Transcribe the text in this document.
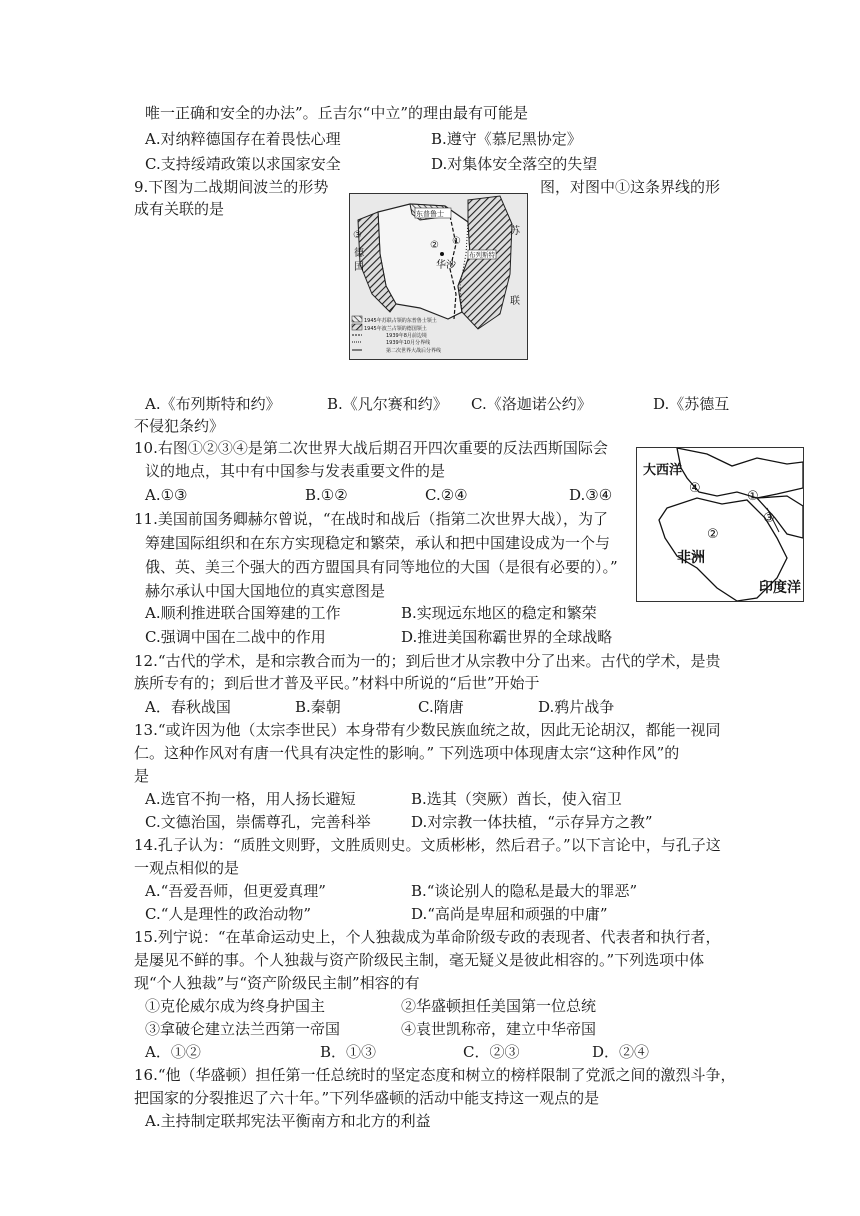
唯一正确和安全的办法”。丘吉尔“中立”的理由最有可能是
A.对纳粹德国存在着畏怯心理	B.遵守《慕尼黑协定》
C.支持绥靖政策以求国家安全	D.对集体安全落空的失望
9.下图为二战期间波兰的形势	图，对图中①这条界线的形
成有关联的是	东普鲁士
③
德
国
苏
联
② ①
华沙
布列斯特
1945年苏联占领的东普鲁士领土
1945年波兰占领的德国领土
1939年8月前边境
1939年10月分界线
第二次世界大战后分界线
A.《布列斯特和约》	B.《凡尔赛和约》 C.《洛迦诺公约》	D.《苏德互
不侵犯条约》
10.右图①②③④是第二次世界大战后期召开四次重要的反法西斯国际会
议的地点，其中有中国参与发表重要文件的是
A.①③	B.①②	C.②④	D.③④
大西洋
①
②
③
④
非洲
印度洋
11.美国前国务卿赫尔曾说，“在战时和战后（指第二次世界大战），为了
筹建国际组织和在东方实现稳定和繁荣，承认和把中国建设成为一个与
俄、英、美三个强大的西方盟国具有同等地位的大国（是很有必要的）。”
赫尔承认中国大国地位的真实意图是
A.顺利推进联合国筹建的工作	B.实现远东地区的稳定和繁荣
C.强调中国在二战中的作用	D.推进美国称霸世界的全球战略
12.“古代的学术，是和宗教合而为一的；到后世才从宗教中分了出来。古代的学术，是贵
族所专有的；到后世才普及平民。”材料中所说的“后世”开始于
A．春秋战国	B.秦朝	C.隋唐	D.鸦片战争
13.“或许因为他（太宗李世民）本身带有少数民族血统之故，因此无论胡汉，都能一视同
仁。这种作风对有唐一代具有决定性的影响。” 下列选项中体现唐太宗“这种作风”的
是
A.选官不拘一格，用人扬长避短	B.选其（突厥）酋长，使入宿卫
C.文德治国，崇儒尊孔，完善科举	D.对宗教一体扶植，“示存异方之教”
14.孔子认为：“质胜文则野，文胜质则史。文质彬彬，然后君子。”以下言论中，与孔子这
一观点相似的是
A.“吾爱吾师，但更爱真理”	B.“谈论别人的隐私是最大的罪恶”
C.“人是理性的政治动物”	D.“高尚是卑屈和顽强的中庸”
15.列宁说：“在革命运动史上，个人独裁成为革命阶级专政的表现者、代表者和执行者，
是屡见不鲜的事。个人独裁与资产阶级民主制，毫无疑义是彼此相容的。”下列选项中体
现“个人独裁”与“资产阶级民主制”相容的有
①克伦威尔成为终身护国主	②华盛顿担任美国第一位总统
③拿破仑建立法兰西第一帝国	④袁世凯称帝，建立中华帝国
A．①②	B．①③	C．②③	D．②④
16.“他（华盛顿）担任第一任总统时的坚定态度和树立的榜样限制了党派之间的激烈斗争，
把国家的分裂推迟了六十年。”下列华盛顿的活动中能支持这一观点的是
A.主持制定联邦宪法平衡南方和北方的利益
